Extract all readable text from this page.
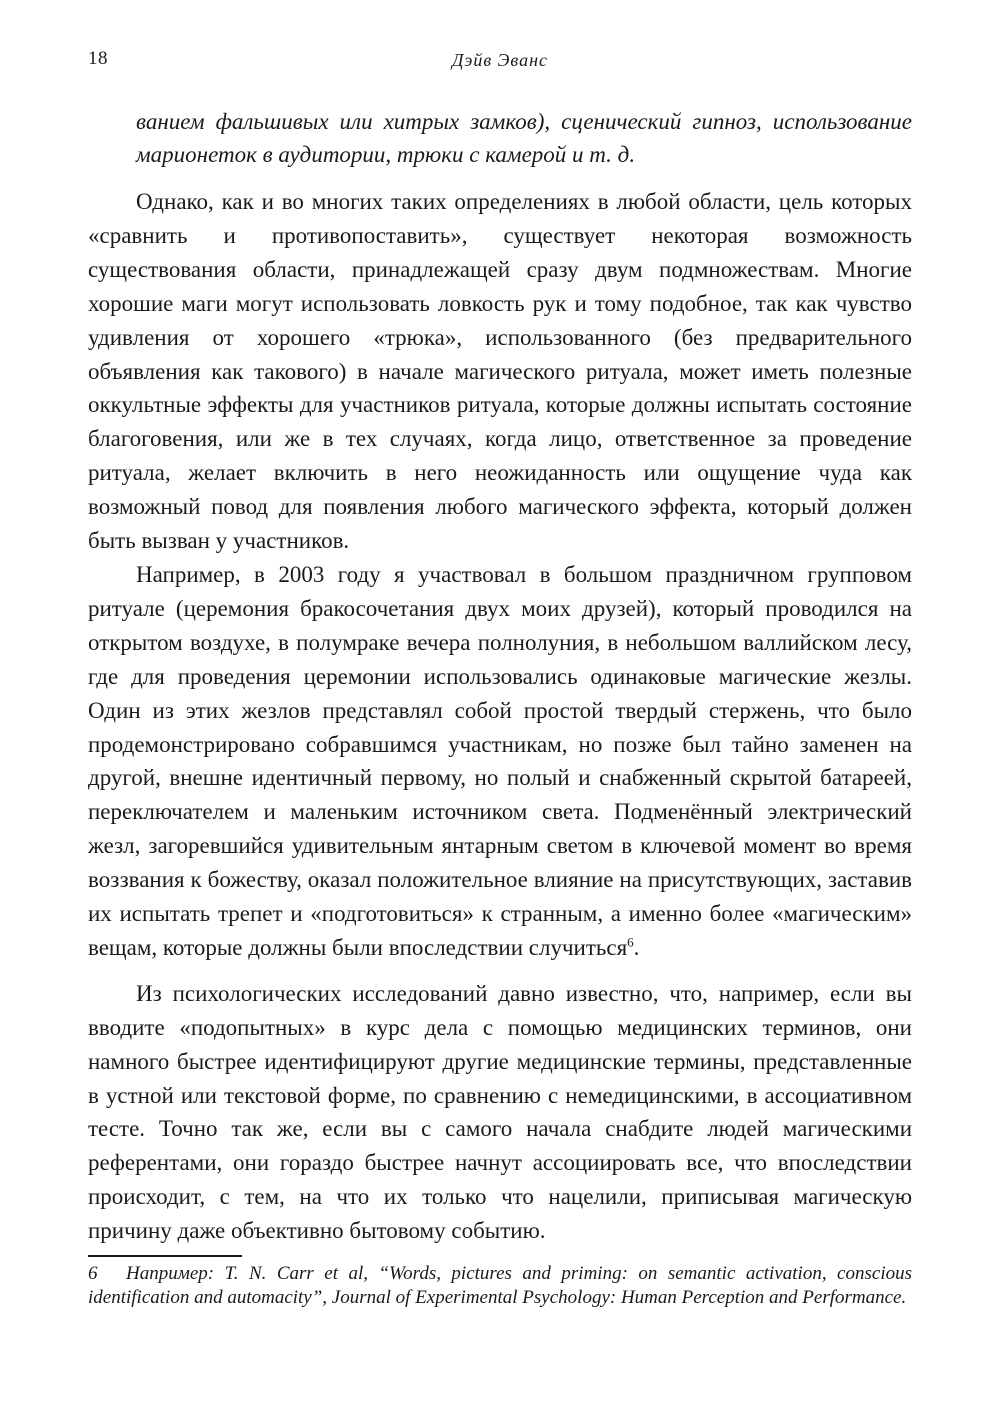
18	Дэйв Эванс

ванием фальшивых или хитрых замков), сценический гипноз, использование марионеток в аудитории, трюки с камерой и т. д.

Однако, как и во многих таких определениях в любой области, цель которых «сравнить и противопоставить», существует некоторая возможность существования области, принадлежащей сразу двум подмножествам. Многие хорошие маги могут использовать ловкость рук и тому подобное, так как чувство удивления от хорошего «трюка», использованного (без предварительного объявления как такового) в начале магического ритуала, может иметь полезные оккультные эффекты для участников ритуала, которые должны испытать состояние благоговения, или же в тех случаях, когда лицо, ответственное за проведение ритуала, желает включить в него неожиданность или ощущение чуда как возможный повод для появления любого магического эффекта, который должен быть вызван у участников.

Например, в 2003 году я участвовал в большом праздничном групповом ритуале (церемония бракосочетания двух моих друзей), который проводился на открытом воздухе, в полумраке вечера полнолуния, в небольшом валлийском лесу, где для проведения церемонии использовались одинаковые магические жезлы. Один из этих жезлов представлял собой простой твердый стержень, что было продемонстрировано собравшимся участникам, но позже был тайно заменен на другой, внешне идентичный первому, но полый и снабженный скрытой батареей, переключателем и маленьким источником света. Подменённый электрический жезл, загоревшийся удивительным янтарным светом в ключевой момент во время воззвания к божеству, оказал положительное влияние на присутствующих, заставив их испытать трепет и «подготовиться» к странным, а именно более «магическим» вещам, которые должны были впоследствии случиться$^6$.

Из психологических исследований давно известно, что, например, если вы вводите «подопытных» в курс дела с помощью медицинских терминов, они намного быстрее идентифицируют другие медицинские термины, представленные в устной или текстовой форме, по сравнению с немедицинскими, в ассоциативном тесте. Точно так же, если вы с самого начала снабдите людей магическими референтами, они гораздо быстрее начнут ассоциировать все, что впоследствии происходит, с тем, на что их только что нацелили, приписывая магическую причину даже объективно бытовому событию.

6 Например: T. N. Carr et al, “Words, pictures and priming: on semantic activation, conscious identification and automacity”, Journal of Experimental Psychology: Human Perception and Performance.
